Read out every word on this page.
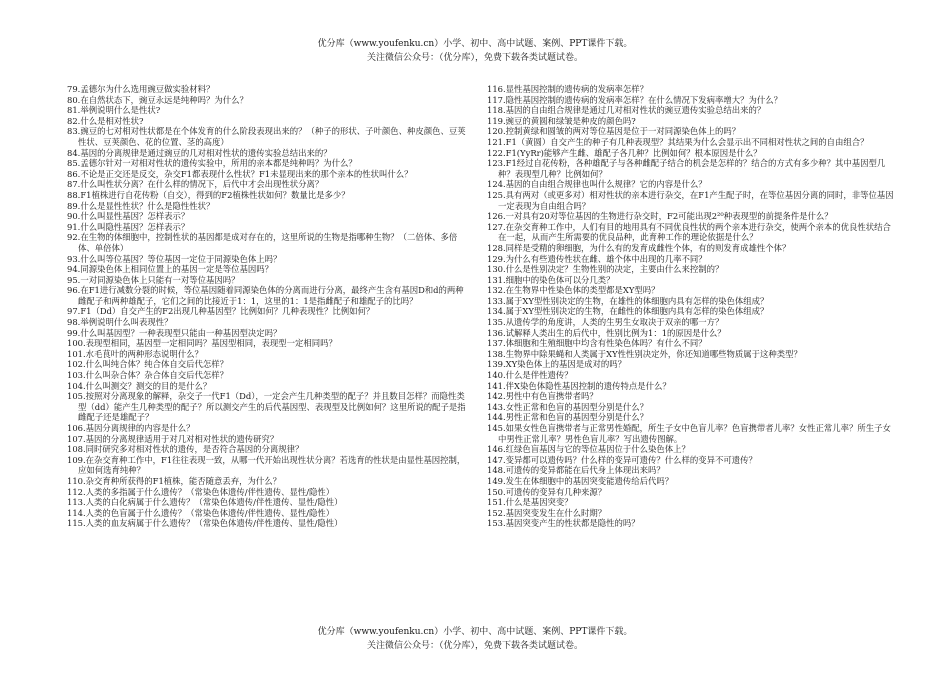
优分库（www.youfenku.cn）小学、初中、高中试题、案例、PPT课件下载。
关注微信公众号：（优分库），免费下载各类试题试卷。

79.孟德尔为什么选用豌豆做实验材料？

80.在自然状态下，豌豆永远是纯种吗？为什么？

81.举例说明什么是性状?

82.什么是相对性状?

83.豌豆的七对相对性状都是在个体发育的什么阶段表现出来的？（种子的形状、子叶颜色、种皮颜色、豆荚性状、豆荚颜色、花的位置、茎的高度）

84.基因的分离规律是通过豌豆的几对相对性状的遗传实验总结出来的？

85.孟德尔针对一对相对性状的遗传实验中，所用的亲本都是纯种吗？为什么？

86.不论是正交还是反交，杂交F1都表现什么性状？F1未显现出来的那个亲本的性状叫什么？

87.什么叫性状分离？在什么样的情况下，后代中才会出现性状分离？

88.F1植株进行自花传粉（自交），得到的F2植株性状如何？数量比是多少？

89.什么是显性性状？什么是隐性性状？

90.什么叫显性基因？怎样表示？

91.什么叫隐性基因？怎样表示？

92.在生物的体细胞中，控制性状的基因都是成对存在的，这里所说的生物是指哪种生物？（二倍体、多倍体、单倍体）

93.什么叫等位基因？等位基因一定位于同源染色体上吗？

94.同源染色体上相同位置上的基因一定是等位基因吗？

95.一对同源染色体上只能有一对等位基因吗？

96.在F1进行减数分裂的时候，等位基因随着同源染色体的分离而进行分离，最终产生含有基因D和d的两种雌配子和两种雄配子，它们之间的比接近于1：1，这里的1：1是指雌配子和雄配子的比吗？

97.F1（Dd）自交产生的F2出现几种基因型？比例如何？几种表现性？比例如何？

98.举例说明什么叫表现性？

99.什么叫基因型？一种表现型只能由一种基因型决定吗？

100.表现型相同，基因型一定相同吗？基因型相同，表现型一定相同吗？

101.水毛茛叶的两种形态说明什么？

102.什么叫纯合体？纯合体自交后代怎样？

103.什么叫杂合体？杂合体自交后代怎样？

104.什么叫测交？测交的目的是什么？

105.按照对分离现象的解释，杂交子一代F1（Dd），一定会产生几种类型的配子？并且数目怎样？而隐性类型（dd）能产生几种类型的配子？所以测交产生的后代基因型、表现型及比例如何？这里所说的配子是指雌配子还是雄配子？

106.基因分离规律的内容是什么？

107.基因的分离规律适用于对几对相对性状的遗传研究？

108.同时研究多对相对性状的遗传，是否符合基因的分离规律？

109.在杂交育种工作中，F1往往表现一致，从哪一代开始出现性状分离？若选育的性状是由显性基因控制，应如何选育纯种？

110.杂交育种所获得的F1植株，能否随意丢弃，为什么？

112.人类的多指属于什么遗传？（常染色体遗传/伴性遗传、显性/隐性）

113.人类的白化病属于什么遗传？（常染色体遗传/伴性遗传、显性/隐性）

114.人类的色盲属于什么遗传？（常染色体遗传/伴性遗传、显性/隐性）

115.人类的血友病属于什么遗传？（常染色体遗传/伴性遗传、显性/隐性）

116.显性基因控制的遗传病的发病率怎样？

117.隐性基因控制的遗传病的发病率怎样？在什么情况下发病率增大？为什么？

118.基因的自由组合规律是通过几对相对性状的豌豆遗传实验总结出来的？

119.豌豆的黄圆和绿皱是种皮的颜色吗?

120.控制黄绿和圆皱的两对等位基因是位于一对同源染色体上的吗？

121.F1（黄圆）自交产生的种子有几种表现型？其结果为什么会显示出不同相对性状之间的自由组合？

122.F1(YyRr)能够产生雌、雄配子各几种？比例如何？根本原因是什么？

123.F1经过自花传粉，各种雄配子与各种雌配子结合的机会是怎样的？结合的方式有多少种？其中基因型几种？表现型几种？比例如何？

124.基因的自由组合规律也叫什么规律？它的内容是什么？

125.具有两对（或更多对）相对性状的亲本进行杂交，在F1产生配子时，在等位基因分离的同时，非等位基因一定表现为自由组合吗？

126.一对具有20对等位基因的生物进行杂交时，F2可能出现2²⁰种表现型的前提条件是什么？

127.在杂交育种工作中，人们有目的地用具有不同优良性状的两个亲本进行杂交，使两个亲本的优良性状结合在一起，从而产生所需要的优良品种，此育种工作的理论依据是什么？

128.同样是受精的卵细胞，为什么有的发育成雌性个体，有的则发育成雄性个体？

129.为什么有些遗传性状在雌、雄个体中出现的几率不同？

130.什么是性别决定？生物性别的决定，主要由什么来控制的？

131.细胞中的染色体可以分几类？

132.在生物界中性染色体的类型都是XY型吗？

133.属于XY型性别决定的生物，在雄性的体细胞内具有怎样的染色体组成？

134.属于XY型性别决定的生物，在雌性的体细胞内具有怎样的染色体组成？

135.从遗传学的角度讲，人类的生男生女取决于双亲的哪一方？

136.试解释人类出生的后代中，性别比例为1：1的原因是什么？

137.体细胞和生殖细胞中均含有性染色体吗？有什么不同？

138.生物界中除果蝇和人类属于XY性性别决定外，你还知道哪些物质属于这种类型？

139.XY染色体上的基因是成对的吗？

140.什么是伴性遗传？

141.伴X染色体隐性基因控制的遗传特点是什么？

142.男性中有色盲携带者吗？

143.女性正常和色盲的基因型分别是什么？

144.男性正常和色盲的基因型分别是什么？

145.如果女性色盲携带者与正常男性婚配，所生子女中色盲儿率？色盲携带者儿率？女性正常儿率？所生子女中男性正常儿率？男性色盲儿率？写出遗传图解。

146.红绿色盲基因与它的等位基因位于什么染色体上？

147.变异都可以遗传吗？什么样的变异可遗传？什么样的变异不可遗传？

148.可遗传的变异都能在后代身上体现出来吗？

149.发生在体细胞中的基因突变能遗传给后代吗？

150.可遗传的变异有几种来源？

151.什么是基因突变？

152.基因突变发生在什么时期？

153.基因突变产生的性状都是隐性的吗？

优分库（www.youfenku.cn）小学、初中、高中试题、案例、PPT课件下载。
关注微信公众号：（优分库），免费下载各类试题试卷。
